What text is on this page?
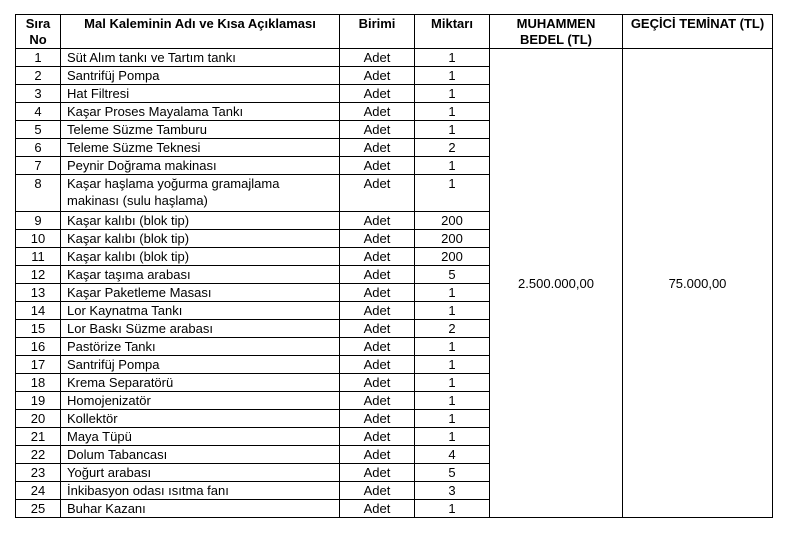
Sıra No	Mal Kaleminin Adı ve Kısa Açıklaması	Birimi	Miktarı	MUHAMMEN BEDEL (TL)	GEÇİCİ TEMİNAT (TL)
1	Süt Alım tankı ve Tartım tankı	Adet	1	2.500.000,00	75.000,00
2	Santrifüj Pompa	Adet	1		
3	Hat Filtresi	Adet	1		
4	Kaşar Proses Mayalama Tankı	Adet	1		
5	Teleme Süzme Tamburu	Adet	1		
6	Teleme Süzme Teknesi	Adet	2		
7	Peynir Doğrama makinası	Adet	1		
8	Kaşar haşlama yoğurma gramajlama makinası (sulu haşlama)	Adet	1		
9	Kaşar kalıbı (blok tip)	Adet	200		
10	Kaşar kalıbı (blok tip)	Adet	200		
11	Kaşar kalıbı (blok tip)	Adet	200		
12	Kaşar taşıma arabası	Adet	5		
13	Kaşar Paketleme Masası	Adet	1		
14	Lor Kaynatma Tankı	Adet	1		
15	Lor Baskı Süzme arabası	Adet	2		
16	Pastörize Tankı	Adet	1		
17	Santrifüj Pompa	Adet	1		
18	Krema Separatörü	Adet	1		
19	Homojenizatör	Adet	1		
20	Kollektör	Adet	1		
21	Maya Tüpü	Adet	1		
22	Dolum Tabancası	Adet	4		
23	Yoğurt arabası	Adet	5		
24	İnkibasyon odası ısıtma fanı	Adet	3		
25	Buhar Kazanı	Adet	1		
